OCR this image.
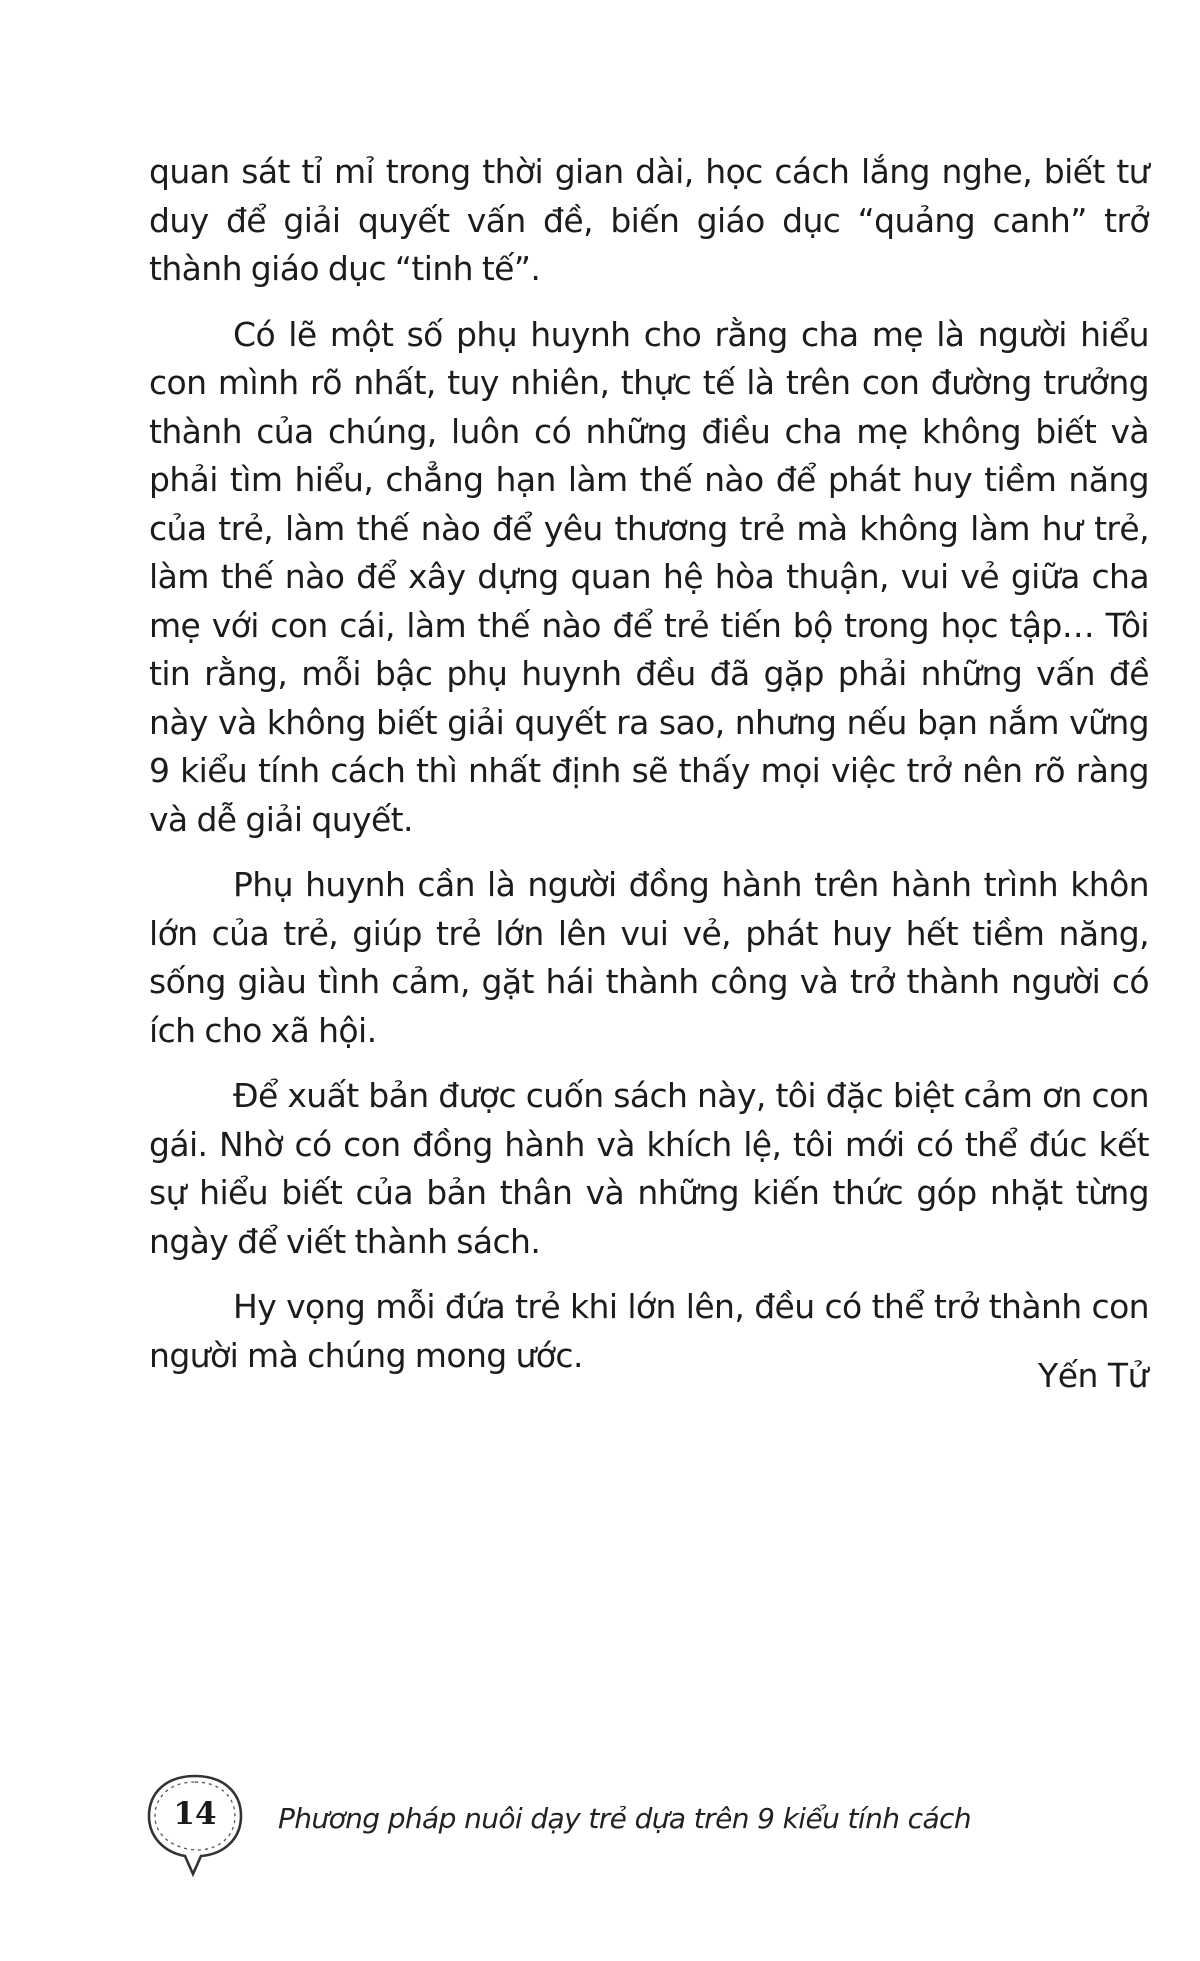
quan sát tỉ mỉ trong thời gian dài, học cách lắng nghe, biết tư duy để giải quyết vấn đề, biến giáo dục “quảng canh” trở thành giáo dục “tinh tế”.

Có lẽ một số phụ huynh cho rằng cha mẹ là người hiểu con mình rõ nhất, tuy nhiên, thực tế là trên con đường trưởng thành của chúng, luôn có những điều cha mẹ không biết và phải tìm hiểu, chẳng hạn làm thế nào để phát huy tiềm năng của trẻ, làm thế nào để yêu thương trẻ mà không làm hư trẻ, làm thế nào để xây dựng quan hệ hòa thuận, vui vẻ giữa cha mẹ với con cái, làm thế nào để trẻ tiến bộ trong học tập… Tôi tin rằng, mỗi bậc phụ huynh đều đã gặp phải những vấn đề này và không biết giải quyết ra sao, nhưng nếu bạn nắm vững 9 kiểu tính cách thì nhất định sẽ thấy mọi việc trở nên rõ ràng và dễ giải quyết.

Phụ huynh cần là người đồng hành trên hành trình khôn lớn của trẻ, giúp trẻ lớn lên vui vẻ, phát huy hết tiềm năng, sống giàu tình cảm, gặt hái thành công và trở thành người có ích cho xã hội.

Để xuất bản được cuốn sách này, tôi đặc biệt cảm ơn con gái. Nhờ có con đồng hành và khích lệ, tôi mới có thể đúc kết sự hiểu biết của bản thân và những kiến thức góp nhặt từng ngày để viết thành sách.

Hy vọng mỗi đứa trẻ khi lớn lên, đều có thể trở thành con người mà chúng mong ước.

Yến Tử
14	Phương pháp nuôi dạy trẻ dựa trên 9 kiểu tính cách
